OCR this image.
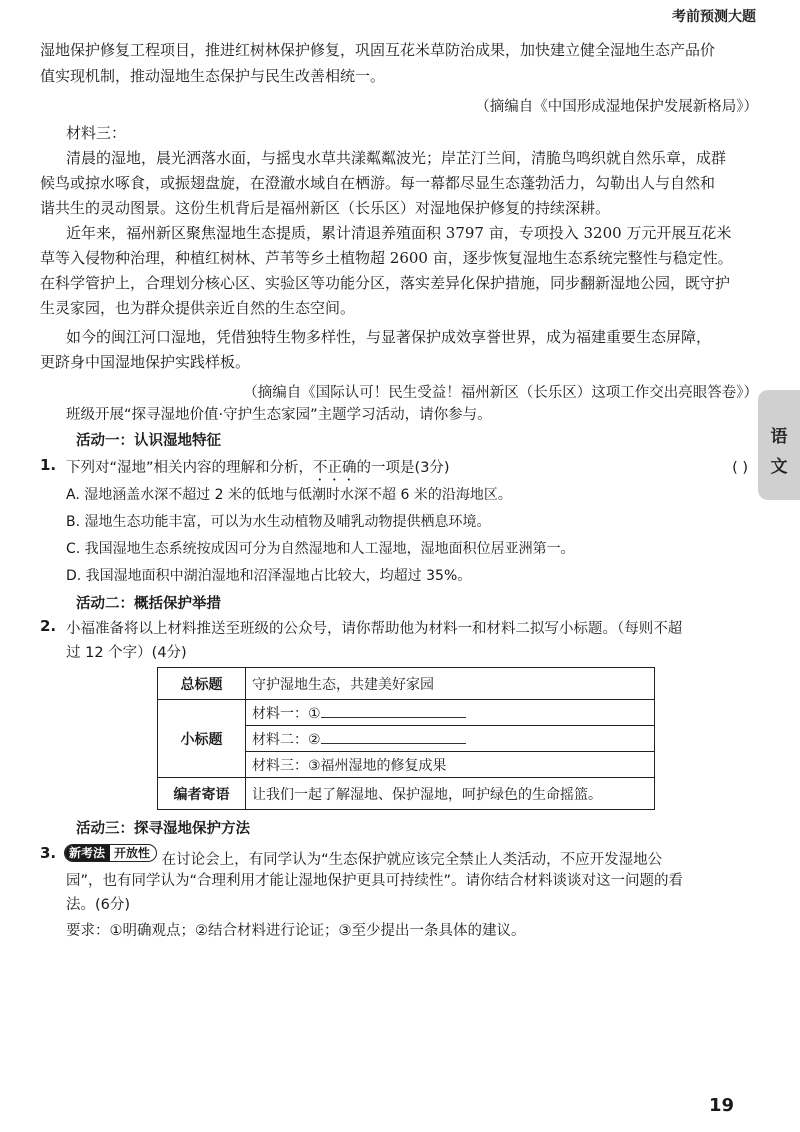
考前预测大题
湿地保护修复工程项目，推进红树林保护修复，巩固互花米草防治成果，加快建立健全湿地生态产品价
值实现机制，推动湿地生态保护与民生改善相统一。
（摘编自《中国形成湿地保护发展新格局》）
材料三：
清晨的湿地，晨光洒落水面，与摇曳水草共漾粼粼波光；岸芷汀兰间，清脆鸟鸣织就自然乐章，成群
候鸟或掠水啄食，或振翅盘旋，在澄澈水域自在栖游。每一幕都尽显生态蓬勃活力，勾勒出人与自然和
谐共生的灵动图景。这份生机背后是福州新区（长乐区）对湿地保护修复的持续深耕。
近年来，福州新区聚焦湿地生态提质，累计清退养殖面积 3797 亩，专项投入 3200 万元开展互花米
草等入侵物种治理，种植红树林、芦苇等乡土植物超 2600 亩，逐步恢复湿地生态系统完整性与稳定性。
在科学管护上，合理划分核心区、实验区等功能分区，落实差异化保护措施，同步翻新湿地公园，既守护
生灵家园，也为群众提供亲近自然的生态空间。
如今的闽江河口湿地，凭借独特生物多样性，与显著保护成效享誉世界，成为福建重要生态屏障，
更跻身中国湿地保护实践样板。
（摘编自《国际认可！民生受益！福州新区（长乐区）这项工作交出亮眼答卷》）
班级开展“探寻湿地价值·守护生态家园”主题学习活动，请你参与。
活动一：认识湿地特征
1. 下列对“湿地”相关内容的理解和分析，不正确的一项是(3分)	( )
A. 湿地涵盖水深不超过 2 米的低地与低潮时水深不超 6 米的沿海地区。
B. 湿地生态功能丰富，可以为水生动植物及哺乳动物提供栖息环境。
C. 我国湿地生态系统按成因可分为自然湿地和人工湿地，湿地面积位居亚洲第一。
D. 我国湿地面积中湖泊湿地和沼泽湿地占比较大，均超过 35%。
活动二：概括保护举措
2. 小福准备将以上材料推送至班级的公众号，请你帮助他为材料一和材料二拟写小标题。（每则不超
过 12 个字）(4分)
总标题	守护湿地生态，共建美好家园
小标题	材料一：①
	材料二：②
	材料三：③福州湿地的修复成果
编者寄语	让我们一起了解湿地、保护湿地，呵护绿色的生命摇篮。
活动三：探寻湿地保护方法
3.	新考法 开放性 在讨论会上，有同学认为“生态保护就应该完全禁止人类活动，不应开发湿地公
园”，也有同学认为“合理利用才能让湿地保护更具可持续性”。请你结合材料谈谈对这一问题的看
法。(6分)
要求：①明确观点；②结合材料进行论证；③至少提出一条具体的建议。
语
文
19
